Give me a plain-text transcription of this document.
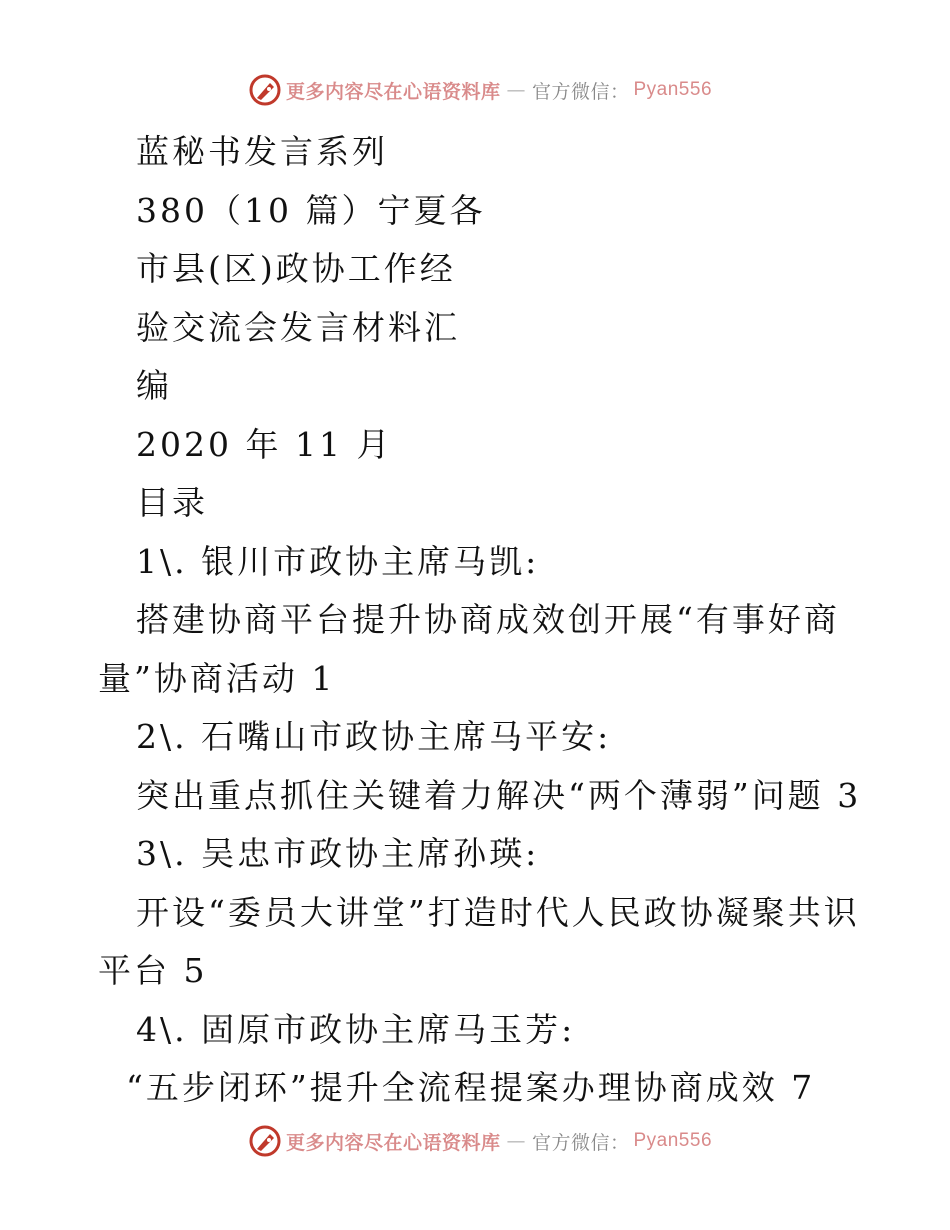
更多内容尽在心语资料库 — 官方微信： Pyan556
蓝秘书发言系列
380（10 篇）宁夏各
市县(区)政协工作经
验交流会发言材料汇
编
2020 年 11 月
目录
1\. 银川市政协主席马凯:
搭建协商平台提升协商成效创开展“有事好商
量”协商活动 1
2\. 石嘴山市政协主席马平安:
突出重点抓住关键着力解决“两个薄弱”问题 3
3\. 吴忠市政协主席孙瑛:
开设“委员大讲堂”打造时代人民政协凝聚共识
平台 5
4\. 固原市政协主席马玉芳:
“五步闭环”提升全流程提案办理协商成效 7
更多内容尽在心语资料库 — 官方微信： Pyan556
